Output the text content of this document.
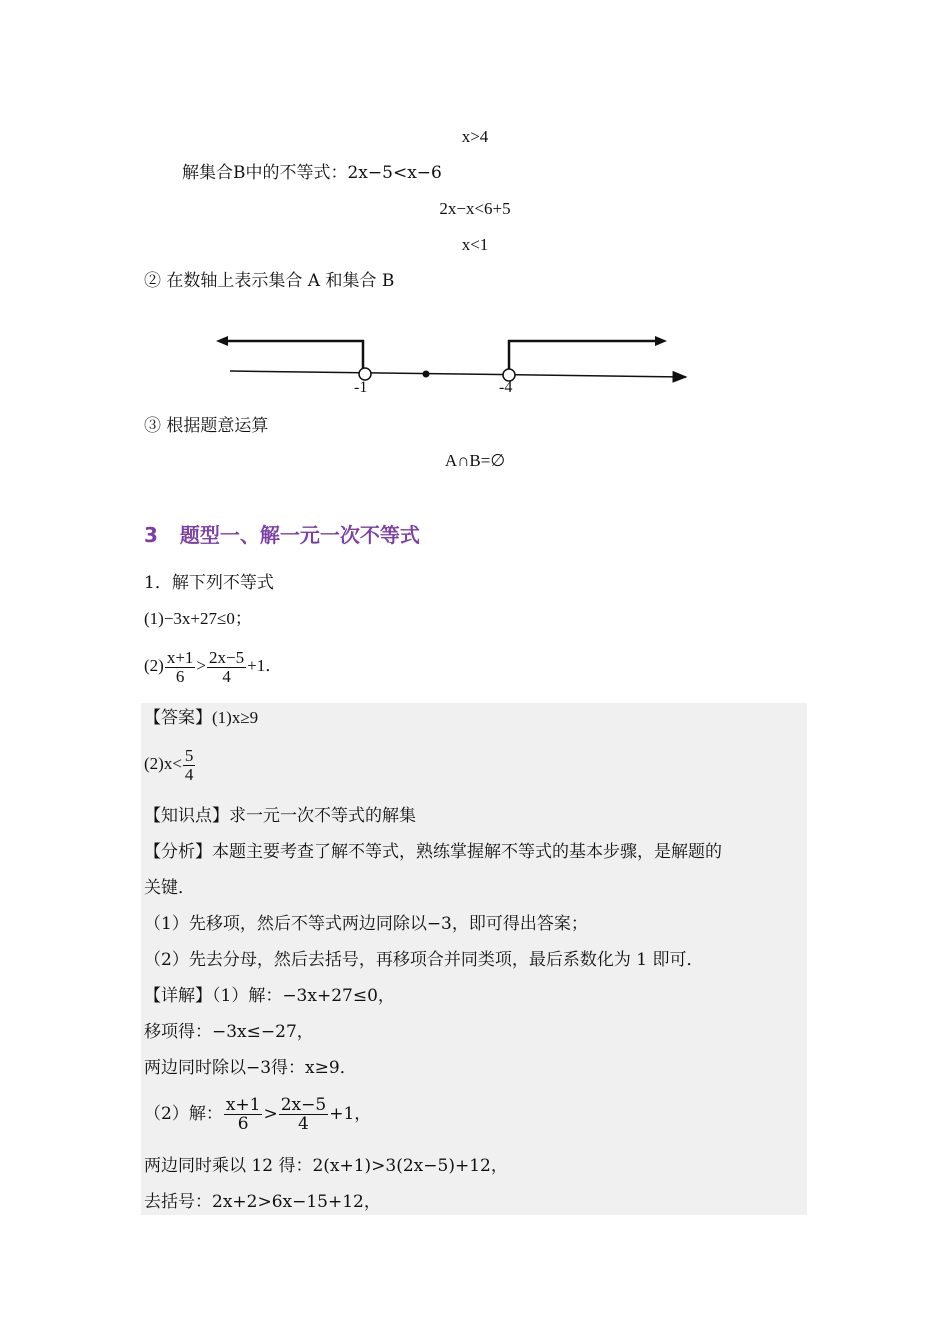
x>4
解集合B中的不等式：2x−5<x−6
2x−x<6+5
x<1
② 在数轴上表示集合 A 和集合 B
-1	-4
③ 根据题意运算
A∩B=∅
3 题型一、解一元一次不等式
1．解下列不等式
(1)−3x+27≤0；
$(2) \frac{x+1}{6} > \frac{2x-5}{4} +1$．
【答案】(1)x≥9
$(2)x< \frac{5}{4}$
【知识点】求一元一次不等式的解集
【分析】本题主要考查了解不等式，熟练掌握解不等式的基本步骤，是解题的
关键．
（1）先移项，然后不等式两边同除以−3，即可得出答案；
（2）先去分母，然后去括号，再移项合并同类项，最后系数化为 1 即可．
【详解】（1）解：−3x+27≤0，
移项得：−3x≤−27，
两边同时除以−3得：x≥9．
（2）解： $\frac{x+1}{6} > \frac{2x-5}{4} +1$，
两边同时乘以 12 得：2(x+1)>3(2x−5)+12，
去括号：2x+2>6x−15+12，
